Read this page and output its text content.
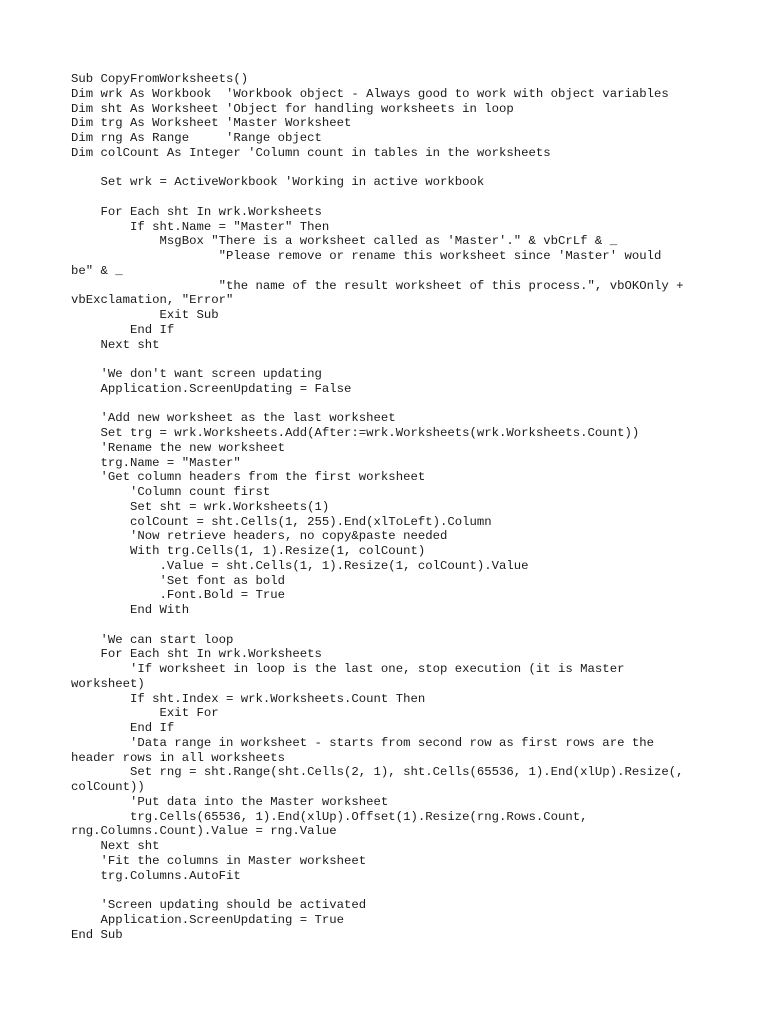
Sub CopyFromWorksheets()
Dim wrk As Workbook  'Workbook object - Always good to work with object variables
Dim sht As Worksheet 'Object for handling worksheets in loop
Dim trg As Worksheet 'Master Worksheet
Dim rng As Range     'Range object
Dim colCount As Integer 'Column count in tables in the worksheets
Set wrk = ActiveWorkbook 'Working in active workbook
For Each sht In wrk.Worksheets
If sht.Name = "Master" Then
MsgBox "There is a worksheet called as 'Master'." & vbCrLf & _
"Please remove or rename this worksheet since 'Master' would
be" & _
"the name of the result worksheet of this process.", vbOKOnly +
vbExclamation, "Error"
Exit Sub
End If
Next sht
'We don't want screen updating
Application.ScreenUpdating = False
'Add new worksheet as the last worksheet
Set trg = wrk.Worksheets.Add(After:=wrk.Worksheets(wrk.Worksheets.Count))
'Rename the new worksheet
trg.Name = "Master"
'Get column headers from the first worksheet
'Column count first
Set sht = wrk.Worksheets(1)
colCount = sht.Cells(1, 255).End(xlToLeft).Column
'Now retrieve headers, no copy&paste needed
With trg.Cells(1, 1).Resize(1, colCount)
.Value = sht.Cells(1, 1).Resize(1, colCount).Value
'Set font as bold
.Font.Bold = True
End With
'We can start loop
For Each sht In wrk.Worksheets
'If worksheet in loop is the last one, stop execution (it is Master
worksheet)
If sht.Index = wrk.Worksheets.Count Then
Exit For
End If
'Data range in worksheet - starts from second row as first rows are the
header rows in all worksheets
Set rng = sht.Range(sht.Cells(2, 1), sht.Cells(65536, 1).End(xlUp).Resize(,
colCount))
'Put data into the Master worksheet
trg.Cells(65536, 1).End(xlUp).Offset(1).Resize(rng.Rows.Count,
rng.Columns.Count).Value = rng.Value
Next sht
'Fit the columns in Master worksheet
trg.Columns.AutoFit
'Screen updating should be activated
Application.ScreenUpdating = True
End Sub
